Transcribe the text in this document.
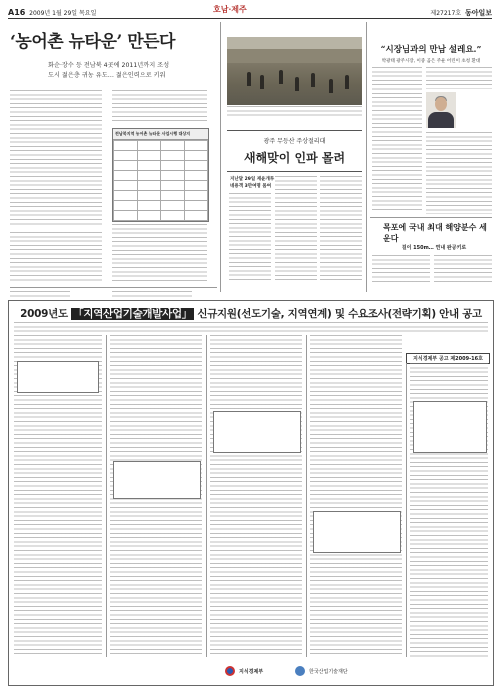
A16 2009년 1월 29일 목요일	호남·제주	제27217호 동아일보
‘농어촌 뉴타운’ 만든다
화순·장수 등 전남북 4곳에 2011년까지 조성
도시 젊은층 귀농 유도… 젊은인력으로 키워
전남북지역 농어촌 뉴타운 사업시행 대상지

광주 무등산 주상절리대
새해맞이 인파 몰려
지난달 29일 재윤개투
네용객 3만여명 몸여
“시장님과의 만남 설레요.”
박광태 광주시장, 이중 곰은 주운 어린이 초청 환대
목포에 국내 최대 해양분수 세운다
걸이 150m… 연내 완공키로
2009년도 「지역산업기술개발사업」 신규지원(선도기술, 지역연계) 및 수요조사(전략기획) 안내 공고
지식경제부 공고 제2009-16호
지식경제부	한국산업기술재단
